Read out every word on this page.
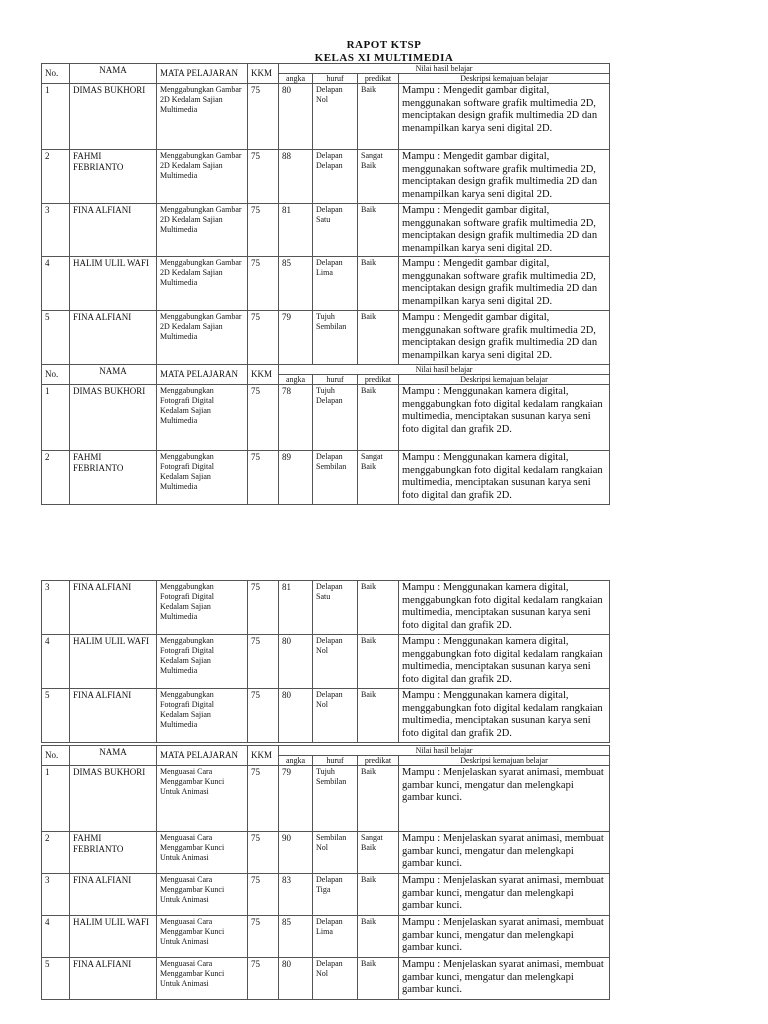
RAPOT KTSP
KELAS XI MULTIMEDIA
No.	NAMA	MATA PELAJARAN	KKM	Nilai hasil belajar			
				angka	huruf	predikat	Deskripsi kemajuan belajar
1	DIMAS BUKHORI	Menggabungkan Gambar 2D Kedalam Sajian Multimedia	75	80	Delapan Nol	Baik	Mampu : Mengedit gambar digital, menggunakan software grafik multimedia 2D, menciptakan design grafik multimedia 2D dan menampilkan karya seni digital 2D.
2	FAHMI FEBRIANTO	Menggabungkan Gambar 2D Kedalam Sajian Multimedia	75	88	Delapan Delapan	Sangat Baik	Mampu : Mengedit gambar digital, menggunakan software grafik multimedia 2D, menciptakan design grafik multimedia 2D dan menampilkan karya seni digital 2D.
3	FINA ALFIANI	Menggabungkan Gambar 2D Kedalam Sajian Multimedia	75	81	Delapan Satu	Baik	Mampu : Mengedit gambar digital, menggunakan software grafik multimedia 2D, menciptakan design grafik multimedia 2D dan menampilkan karya seni digital 2D.
4	HALIM ULIL WAFI	Menggabungkan Gambar 2D Kedalam Sajian Multimedia	75	85	Delapan Lima	Baik	Mampu : Mengedit gambar digital, menggunakan software grafik multimedia 2D, menciptakan design grafik multimedia 2D dan menampilkan karya seni digital 2D.
5	FINA ALFIANI	Menggabungkan Gambar 2D Kedalam Sajian Multimedia	75	79	Tujuh Sembilan	Baik	Mampu : Mengedit gambar digital, menggunakan software grafik multimedia 2D, menciptakan design grafik multimedia 2D dan menampilkan karya seni digital 2D.
No.	NAMA	MATA PELAJARAN	KKM	Nilai hasil belajar			
				angka	huruf	predikat	Deskripsi kemajuan belajar
1	DIMAS BUKHORI	Menggabungkan Fotografi Digital Kedalam Sajian Multimedia	75	78	Tujuh Delapan	Baik	Mampu : Menggunakan kamera digital, menggabungkan foto digital kedalam rangkaian multimedia, menciptakan susunan karya seni foto digital dan grafik 2D.
2	FAHMI FEBRIANTO	Menggabungkan Fotografi Digital Kedalam Sajian Multimedia	75	89	Delapan Sembilan	Sangat Baik	Mampu : Menggunakan kamera digital, menggabungkan foto digital kedalam rangkaian multimedia, menciptakan susunan karya seni foto digital dan grafik 2D.
3	FINA ALFIANI	Menggabungkan Fotografi Digital Kedalam Sajian Multimedia	75	81	Delapan Satu	Baik	Mampu : Menggunakan kamera digital, menggabungkan foto digital kedalam rangkaian multimedia, menciptakan susunan karya seni foto digital dan grafik 2D.
4	HALIM ULIL WAFI	Menggabungkan Fotografi Digital Kedalam Sajian Multimedia	75	80	Delapan Nol	Baik	Mampu : Menggunakan kamera digital, menggabungkan foto digital kedalam rangkaian multimedia, menciptakan susunan karya seni foto digital dan grafik 2D.
5	FINA ALFIANI	Menggabungkan Fotografi Digital Kedalam Sajian Multimedia	75	80	Delapan Nol	Baik	Mampu : Menggunakan kamera digital, menggabungkan foto digital kedalam rangkaian multimedia, menciptakan susunan karya seni foto digital dan grafik 2D.
No.	NAMA	MATA PELAJARAN	KKM	Nilai hasil belajar			
				angka	huruf	predikat	Deskripsi kemajuan belajar
1	DIMAS BUKHORI	Menguasai Cara Menggambar Kunci Untuk Animasi	75	79	Tujuh Sembilan	Baik	Mampu : Menjelaskan syarat animasi, membuat gambar kunci, mengatur dan melengkapi gambar kunci.
2	FAHMI FEBRIANTO	Menguasai Cara Menggambar Kunci Untuk Animasi	75	90	Sembilan Nol	Sangat Baik	Mampu : Menjelaskan syarat animasi, membuat gambar kunci, mengatur dan melengkapi gambar kunci.
3	FINA ALFIANI	Menguasai Cara Menggambar Kunci Untuk Animasi	75	83	Delapan Tiga	Baik	Mampu : Menjelaskan syarat animasi, membuat gambar kunci, mengatur dan melengkapi gambar kunci.
4	HALIM ULIL WAFI	Menguasai Cara Menggambar Kunci Untuk Animasi	75	85	Delapan Lima	Baik	Mampu : Menjelaskan syarat animasi, membuat gambar kunci, mengatur dan melengkapi gambar kunci.
5	FINA ALFIANI	Menguasai Cara Menggambar Kunci Untuk Animasi	75	80	Delapan Nol	Baik	Mampu : Menjelaskan syarat animasi, membuat gambar kunci, mengatur dan melengkapi gambar kunci.
